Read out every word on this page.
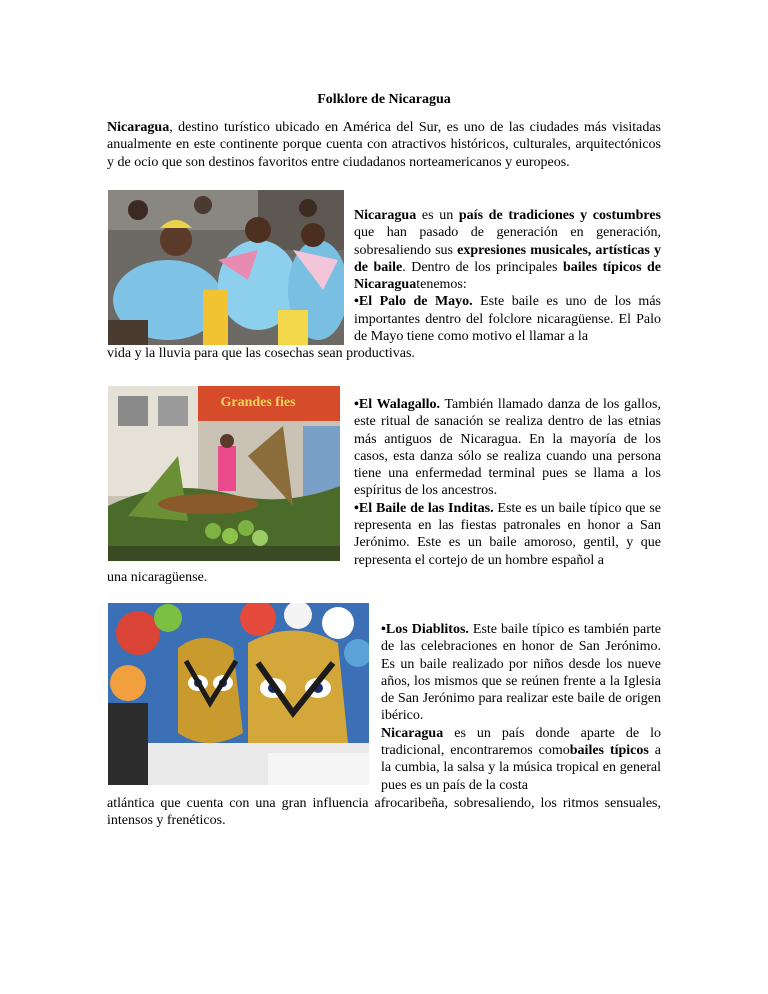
Folklore de Nicaragua

Nicaragua, destino turístico ubicado en América del Sur, es uno de las ciudades más visitadas anualmente en este continente porque cuenta con atractivos históricos, culturales, arquitectónicos y de ocio que son destinos favoritos entre ciudadanos norteamericanos y europeos.

Nicaragua es un país de tradiciones y costumbres que han pasado de generación en generación, sobresaliendo sus expresiones musicales, artísticas y de baile. Dentro de los principales bailes típicos de Nicaraguatenemos:

•El Palo de Mayo. Este baile es uno de los más importantes dentro del folclore nicaragüense. El Palo de Mayo tiene como motivo el llamar a la

vida y la lluvia para que las cosechas sean productivas.
Grandes fies	•El Walagallo. También llamado danza de los gallos, este ritual de sanación se realiza dentro de las etnias más antiguos de Nicaragua. En la mayoría de los casos, esta danza sólo se realiza cuando una persona tiene una enfermedad terminal pues se llama a los espíritus de los ancestros.

•El Baile de las Inditas. Este es un baile típico que se representa en las fiestas patronales en honor a San Jerónimo. Este es un baile amoroso, gentil, y que representa el cortejo de un hombre español a

una nicaragüense.

•Los Diablitos. Este baile típico es también parte de las celebraciones en honor de San Jerónimo. Es un baile realizado por niños desde los nueve años, los mismos que se reúnen frente a la Iglesia de San Jerónimo para realizar este baile de origen ibérico.

Nicaragua es un país donde aparte de lo tradicional, encontraremos comobailes típicos a la cumbia, la salsa y la música tropical en general pues es un país de la costa

atlántica que cuenta con una gran influencia afrocaribeña, sobresaliendo, los ritmos sensuales, intensos y frenéticos.
